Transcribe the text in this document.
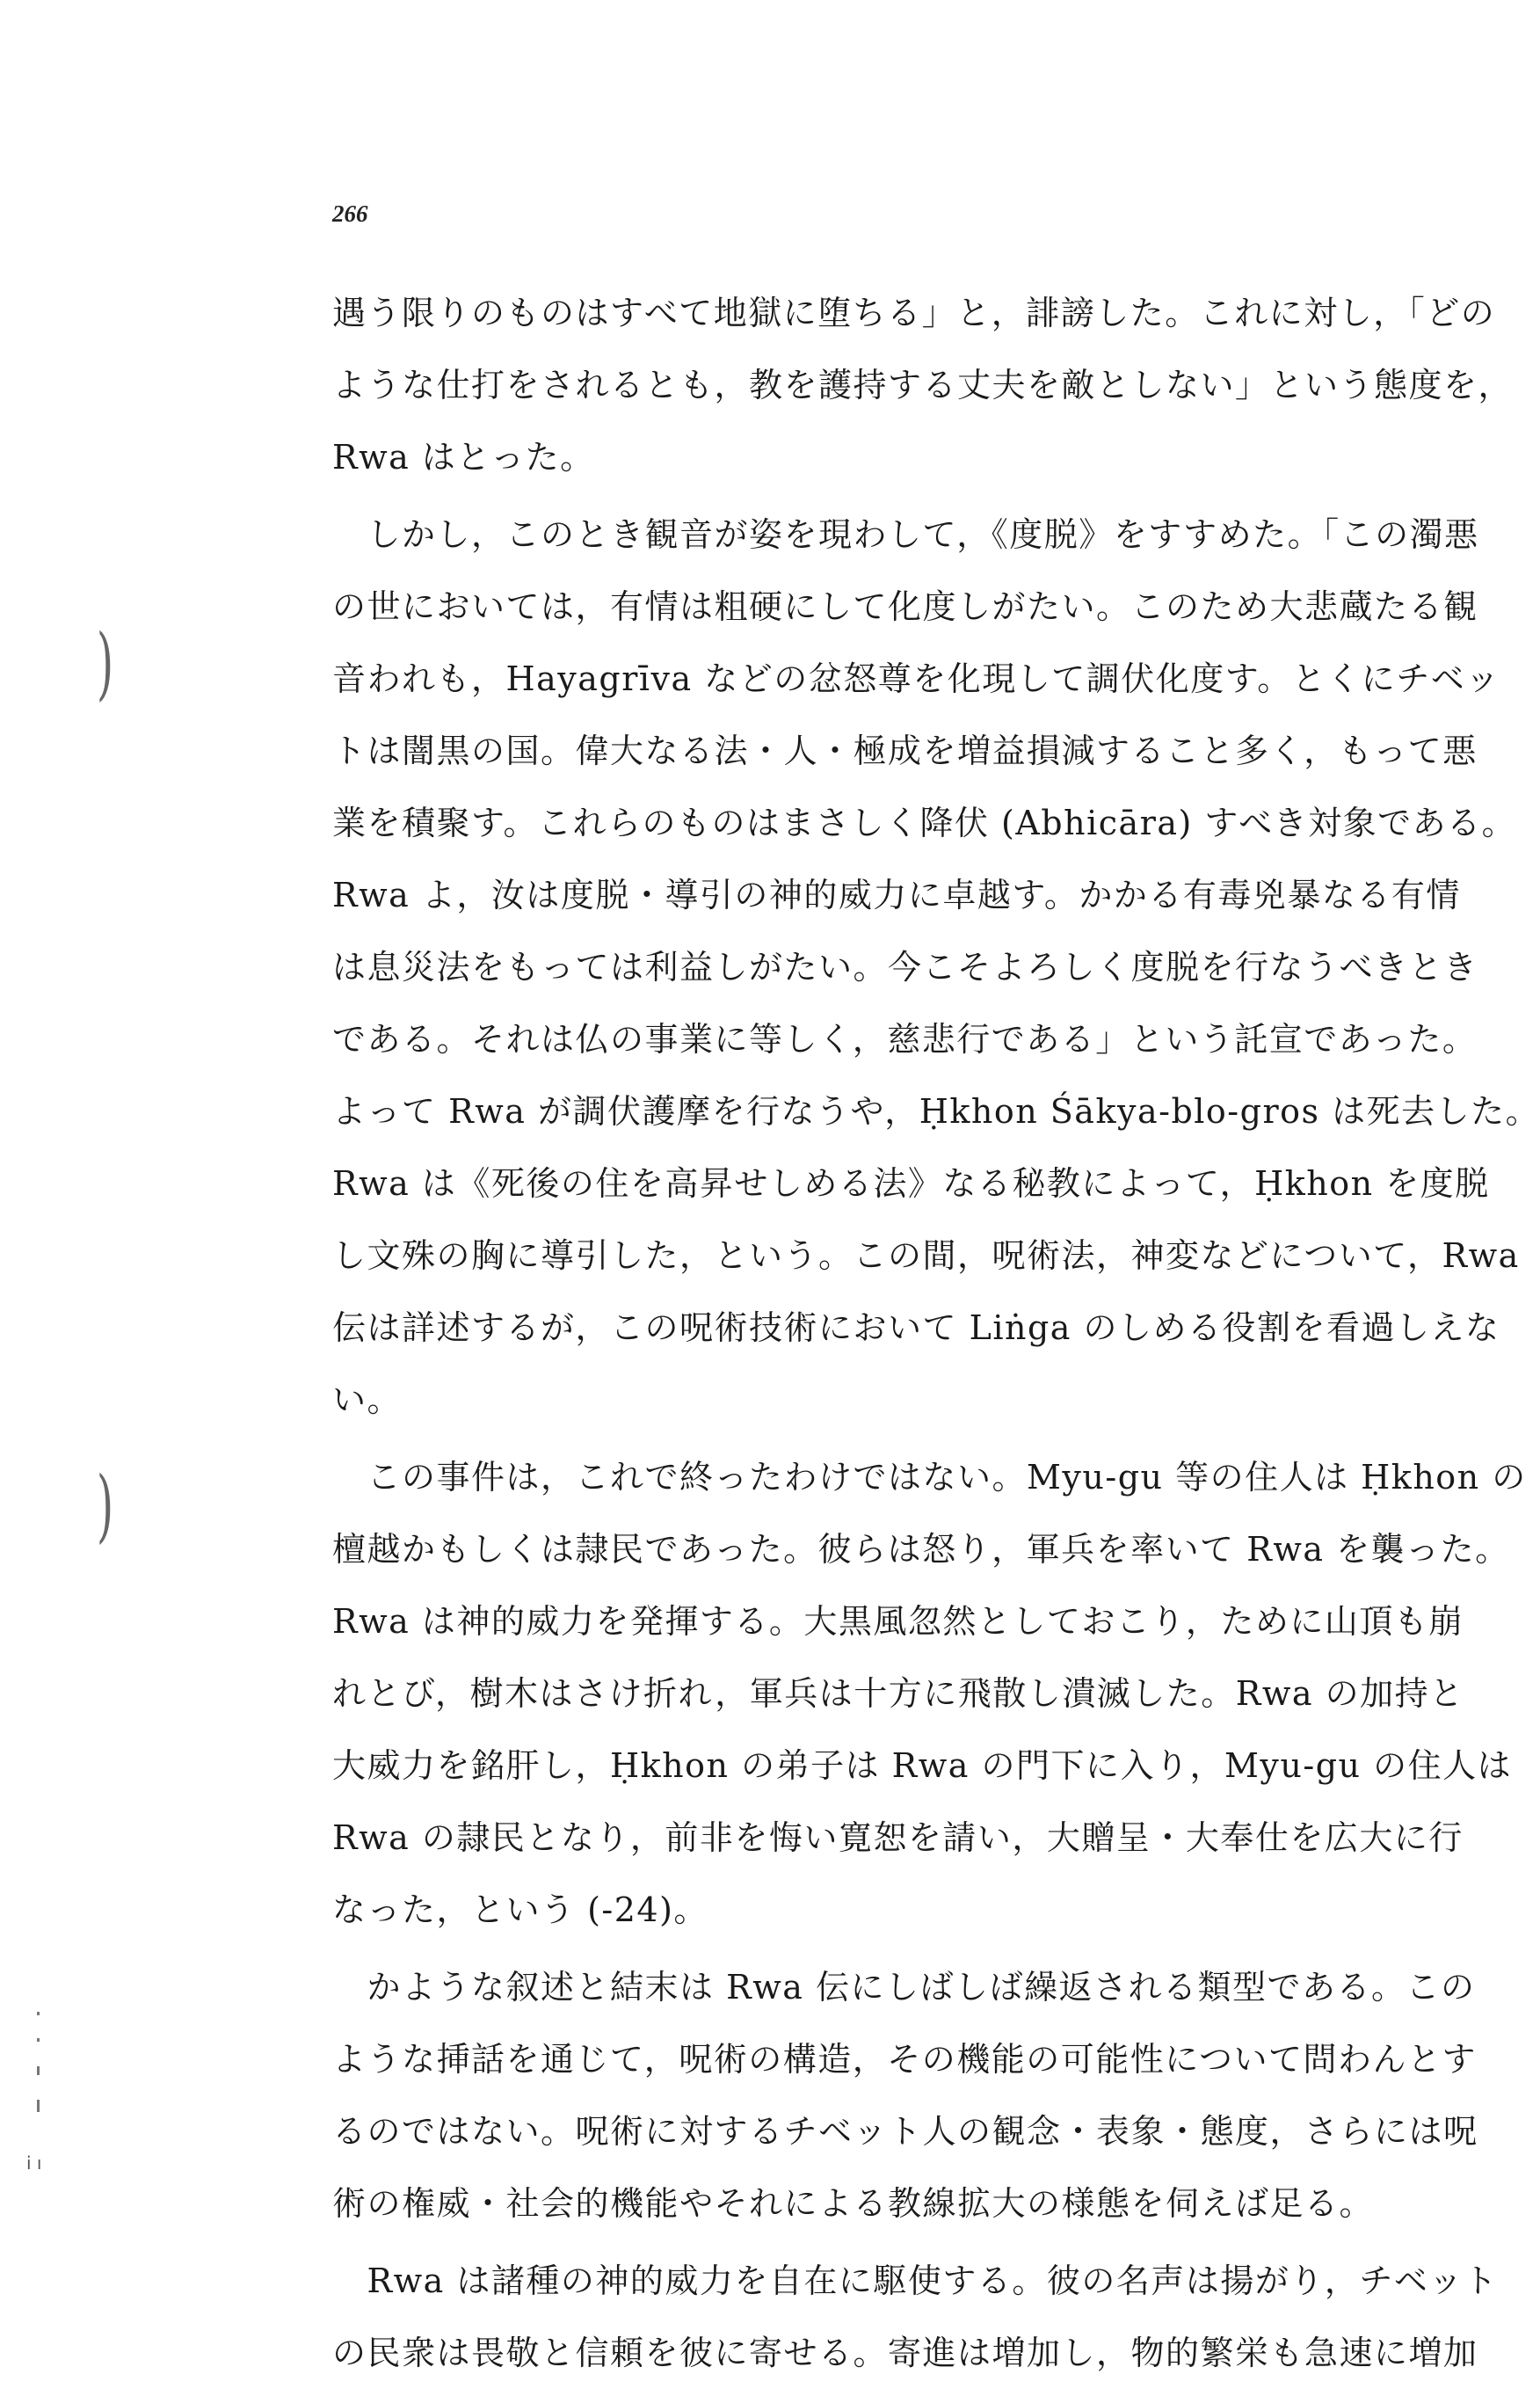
266
遇う限りのものはすべて地獄に堕ちる」と，誹謗した。これに対し，「どの
ような仕打をされるとも，教を護持する丈夫を敵としない」という態度を，
Rwa はとった。
　しかし，このとき観音が姿を現わして，《度脱》をすすめた。「この濁悪
の世においては，有情は粗硬にして化度しがたい。このため大悲蔵たる観
音われも，Hayagrīva などの忿怒尊を化現して調伏化度す。とくにチベッ
トは闇黒の国。偉大なる法・人・極成を増益損減すること多く，もって悪
業を積聚す。これらのものはまさしく降伏 (Abhicāra) すべき対象である。
Rwa よ，汝は度脱・導引の神的威力に卓越す。かかる有毒兇暴なる有情
は息災法をもっては利益しがたい。今こそよろしく度脱を行なうべきとき
である。それは仏の事業に等しく，慈悲行である」という託宣であった。
よって Rwa が調伏護摩を行なうや，Ḥkhon Śākya-blo-gros は死去した。
Rwa は《死後の住を高昇せしめる法》なる秘教によって，Ḥkhon を度脱
し文殊の胸に導引した，という。この間，呪術法，神変などについて，Rwa
伝は詳述するが，この呪術技術において Liṅga のしめる役割を看過しえな
い。
　この事件は，これで終ったわけではない。Myu-gu 等の住人は Ḥkhon の
檀越かもしくは隷民であった。彼らは怒り，軍兵を率いて Rwa を襲った。
Rwa は神的威力を発揮する。大黒風忽然としておこり，ために山頂も崩
れとび，樹木はさけ折れ，軍兵は十方に飛散し潰滅した。Rwa の加持と
大威力を銘肝し，Ḥkhon の弟子は Rwa の門下に入り，Myu-gu の住人は
Rwa の隷民となり，前非を悔い寛恕を請い，大贈呈・大奉仕を広大に行
なった，という (-24)。
　かような叙述と結末は Rwa 伝にしばしば繰返される類型である。この
ような挿話を通じて，呪術の構造，その機能の可能性について問わんとす
るのではない。呪術に対するチベット人の観念・表象・態度，さらには呪
術の権威・社会的機能やそれによる教線拡大の様態を伺えば足る。
　Rwa は諸種の神的威力を自在に駆使する。彼の名声は揚がり，チベット
の民衆は畏敬と信頼を彼に寄せる。寄進は増加し，物的繁栄も急速に増加
)
)
i ı
